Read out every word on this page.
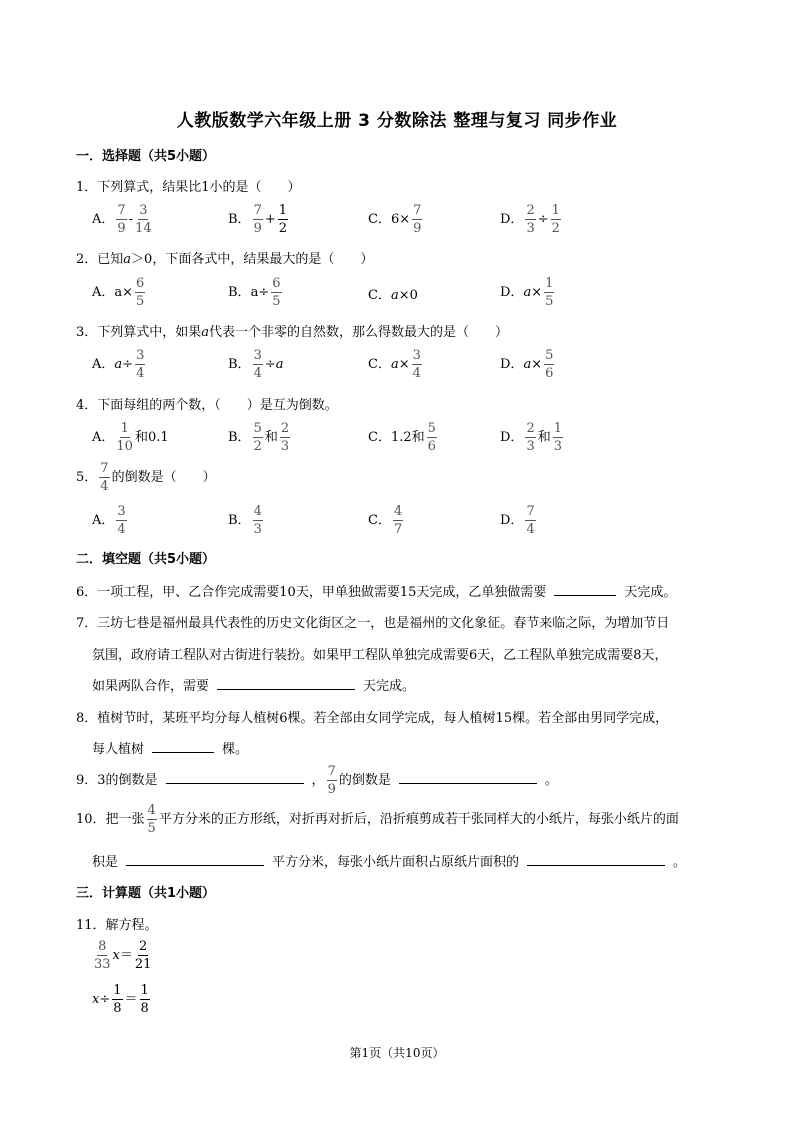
人教版数学六年级上册 3 分数除法 整理与复习 同步作业
一．选择题（共5小题）
1．下列算式，结果比1小的是（　　）
A． $\frac{7}{9} - \frac{3}{14}$	B． $\frac{7}{9} + \frac{1}{2}$	C．$6\times \frac{7}{9}$	D． $\frac{2}{3} \div \frac{1}{2}$
2．已知a＞0，下面各式中，结果最大的是（　　）
A．$a\times \frac{6}{5}$	B．$a\div \frac{6}{5}$	C．a×0	D．$a\times \frac{1}{5}$
3．下列算式中，如果a代表一个非零的自然数，那么得数最大的是（　　）
A．$a\div \frac{3}{4}$	B． $\frac{3}{4} \div a$	C．$a\times \frac{3}{4}$	D．$a\times \frac{5}{6}$
4．下面每组的两个数，（　　）是互为倒数。
A． $\frac{1}{10}$ 和0.1	B． $\frac{5}{2}$ 和 $\frac{2}{3}$	C．1.2和 $\frac{5}{6}$	D． $\frac{2}{3}$ 和 $\frac{1}{3}$
5． $\frac{7}{4}$ 的倒数是（　　）
A． $\frac{3}{4}$	B． $\frac{4}{3}$	C． $\frac{4}{7}$	D． $\frac{7}{4}$
二．填空题（共5小题）
6．一项工程，甲、乙合作完成需要10天，甲单独做需要15天完成，乙单独做需要	天完成。
7．三坊七巷是福州最具代表性的历史文化街区之一，也是福州的文化象征。春节来临之际，为增加节日
氛围，政府请工程队对古街进行装扮。如果甲工程队单独完成需要6天，乙工程队单独完成需要8天，
如果两队合作，需要	天完成。
8．植树节时，某班平均分每人植树6棵。若全部由女同学完成，每人植树15棵。若全部由男同学完成，
每人植树	棵。
9．3的倒数是	， $\frac{7}{9}$ 的倒数是	。
10．把一张 $\frac{4}{5}$ 平方分米的正方形纸，对折再对折后，沿折痕剪成若干张同样大的小纸片，每张小纸片的面
积是	平方分米，每张小纸片面积占原纸片面积的	。
三．计算题（共1小题）
11．解方程。
$\frac{8}{33} x= \frac{2}{21}$
$x\div \frac{1}{8} = \frac{1}{8}$
第1页（共10页）
